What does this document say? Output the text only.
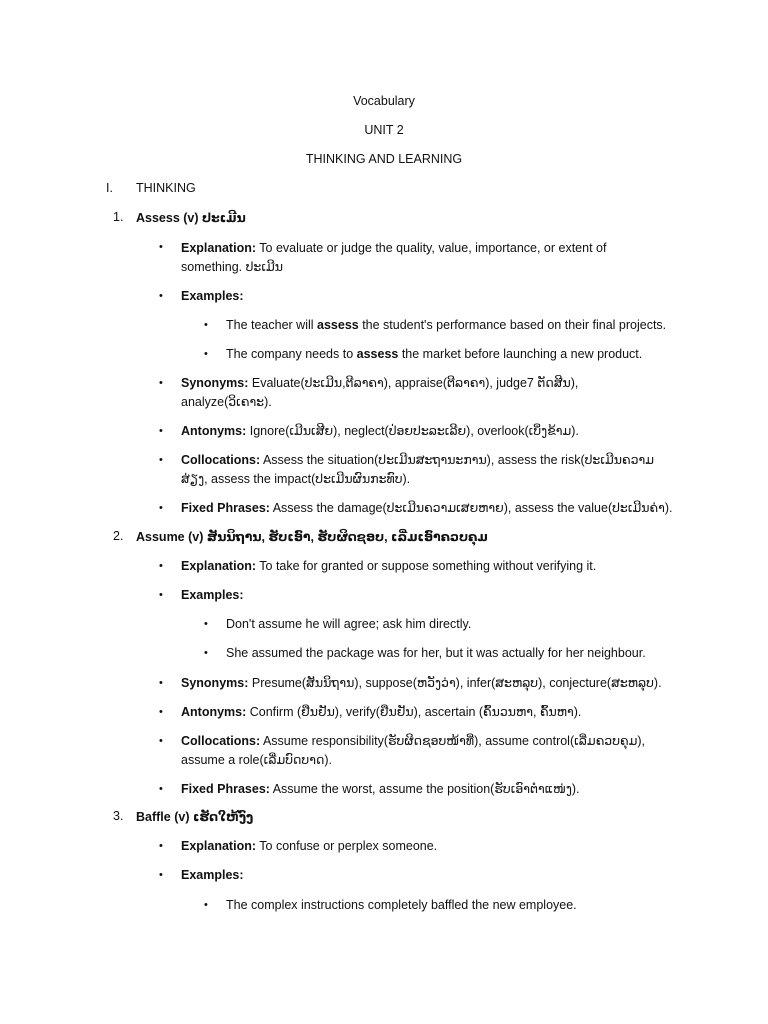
Vocabulary
UNIT 2
THINKING AND LEARNING
I. THINKING
1. Assess (v) ປະເມີນ
• Explanation: To evaluate or judge the quality, value, importance, or extent of
something. ປະເມີນ
• Examples:
• The teacher will assess the student's performance based on their final projects.
• The company needs to assess the market before launching a new product.
• Synonyms: Evaluate(ປະເມີນ,ຕີລາຄາ), appraise(ຕີລາຄາ), judge7 ຕັດສີນ),
analyze(ວິເຄາະ).
• Antonyms: Ignore(ເມີນເສີຍ), neglect(ປ່ອຍປະລະເລີຍ), overlook(ເບິ່ງຂ້າມ).
• Collocations: Assess the situation(ປະເມີນສະຖານະການ), assess the risk(ປະເມີນຄວາມ
ສ່ຽງ, assess the impact(ປະເມີນຜົນກະທົບ).
• Fixed Phrases: Assess the damage(ປະເມີນຄວາມເສຍຫາຍ), assess the value(ປະເມີນຄ່າ).
2. Assume (v) ສັນນິຖານ, ຮັບເອົາ, ຮັບຜິດຊອບ, ເລີ່ມເອົາຄວບຄຸມ
• Explanation: To take for granted or suppose something without verifying it.
• Examples:
• Don't assume he will agree; ask him directly.
• She assumed the package was for her, but it was actually for her neighbour.
• Synonyms: Presume(ສັນນິຖານ), suppose(ຫວັງວ່າ), infer(ສະຫລຸບ), conjecture(ສະຫລຸບ).
• Antonyms: Confirm (ຢືນຢັນ), verify(ຢືນຢັນ), ascertain (ຄົ້ນວນຫາ, ຄົ້ນຫາ).
• Collocations: Assume responsibility(ຮັບຜິດຊອບໜ້າທີ່), assume control(ເລີ່ມຄວບຄຸມ),
assume a role(ເລີ່ມບົດບາດ).
• Fixed Phrases: Assume the worst, assume the position(ຮັບເອົາຕໍາແໜ່ງ).
3. Baffle (v) ເຮັດໃຫ້ງົງ
• Explanation: To confuse or perplex someone.
• Examples:
• The complex instructions completely baffled the new employee.
